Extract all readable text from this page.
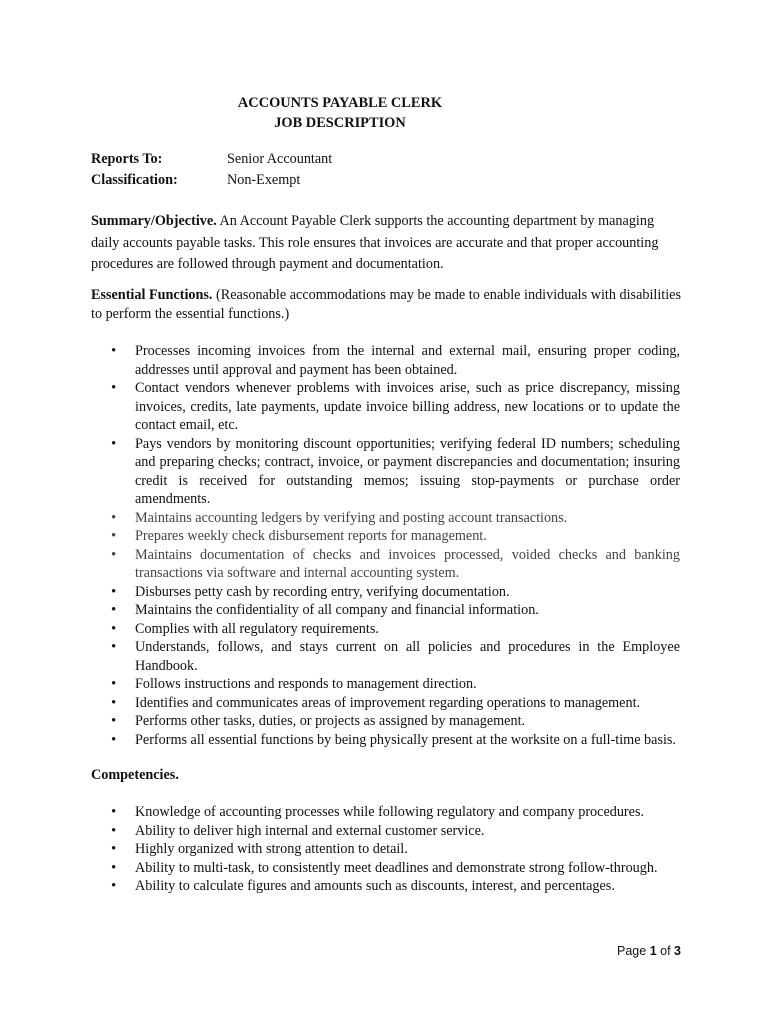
ACCOUNTS PAYABLE CLERK
JOB DESCRIPTION
Reports To:	Senior Accountant
Classification:	Non-Exempt
Summary/Objective. An Account Payable Clerk supports the accounting department by managing daily accounts payable tasks. This role ensures that invoices are accurate and that proper accounting procedures are followed through payment and documentation.
Essential Functions. (Reasonable accommodations may be made to enable individuals with disabilities to perform the essential functions.)
• Processes incoming invoices from the internal and external mail, ensuring proper coding, addresses until approval and payment has been obtained.
• Contact vendors whenever problems with invoices arise, such as price discrepancy, missing invoices, credits, late payments, update invoice billing address, new locations or to update the contact email, etc.
• Pays vendors by monitoring discount opportunities; verifying federal ID numbers; scheduling and preparing checks; contract, invoice, or payment discrepancies and documentation; insuring credit is received for outstanding memos; issuing stop-payments or purchase order amendments.
• Maintains accounting ledgers by verifying and posting account transactions.
• Prepares weekly check disbursement reports for management.
• Maintains documentation of checks and invoices processed, voided checks and banking transactions via software and internal accounting system.
• Disburses petty cash by recording entry, verifying documentation.
• Maintains the confidentiality of all company and financial information.
• Complies with all regulatory requirements.
• Understands, follows, and stays current on all policies and procedures in the Employee Handbook.
• Follows instructions and responds to management direction.
• Identifies and communicates areas of improvement regarding operations to management.
• Performs other tasks, duties, or projects as assigned by management.
• Performs all essential functions by being physically present at the worksite on a full-time basis.
Competencies.
• Knowledge of accounting processes while following regulatory and company procedures.
• Ability to deliver high internal and external customer service.
• Highly organized with strong attention to detail.
• Ability to multi-task, to consistently meet deadlines and demonstrate strong follow-through.
• Ability to calculate figures and amounts such as discounts, interest, and percentages.
Page 1 of 3
